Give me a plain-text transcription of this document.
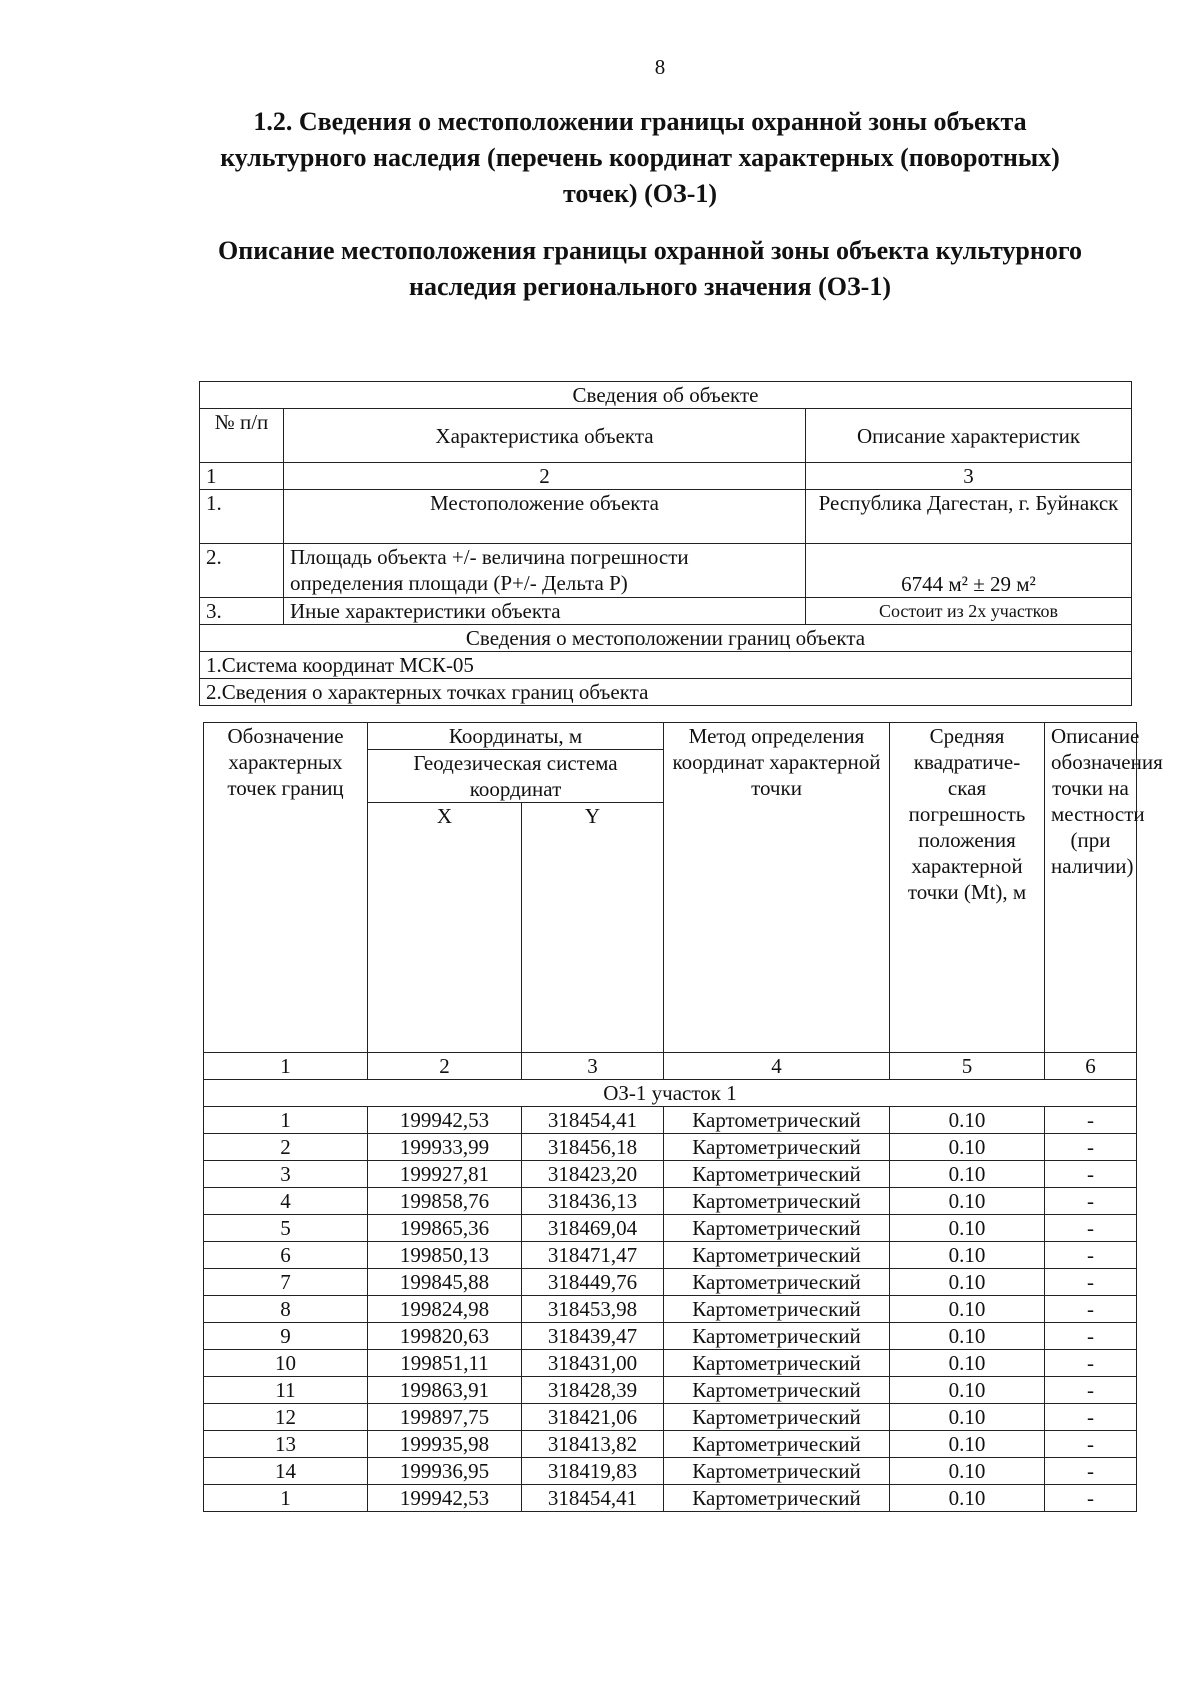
8
1.2. Сведения о местоположении границы охранной зоны объекта культурного наследия (перечень координат характерных (поворотных) точек) (ОЗ-1)
Описание местоположения границы охранной зоны объекта культурного наследия регионального значения (ОЗ-1)
Сведения об объекте		
№ п/п	Характеристика объекта	Описание характеристик
1	2	3
1.	Местоположение объекта	Республика Дагестан, г. Буйнакск
2.	Площадь объекта +/- величина погрешности определения площади (P+/- Дельта P)	6744 м² ± 29 м²
3.	Иные характеристики объекта	Состоит из 2х участков
Сведения о местоположении границ объекта		
1.Система координат МСК-05		
2.Сведения о характерных точках границ объекта		
Обозначение характерных точек границ	Координаты, м		Метод определения координат характерной точки	Средняя квадратиче-ская погрешность положения характерной точки (Mt), м	Описание обозначения точки на местности (при наличии)
	Геодезическая система координат				
	X	Y			
1	2	3	4	5	6
ОЗ-1 участок 1					
1	199942,53	318454,41	Картометрический	0.10	-
2	199933,99	318456,18	Картометрический	0.10	-
3	199927,81	318423,20	Картометрический	0.10	-
4	199858,76	318436,13	Картометрический	0.10	-
5	199865,36	318469,04	Картометрический	0.10	-
6	199850,13	318471,47	Картометрический	0.10	-
7	199845,88	318449,76	Картометрический	0.10	-
8	199824,98	318453,98	Картометрический	0.10	-
9	199820,63	318439,47	Картометрический	0.10	-
10	199851,11	318431,00	Картометрический	0.10	-
11	199863,91	318428,39	Картометрический	0.10	-
12	199897,75	318421,06	Картометрический	0.10	-
13	199935,98	318413,82	Картометрический	0.10	-
14	199936,95	318419,83	Картометрический	0.10	-
1	199942,53	318454,41	Картометрический	0.10	-
